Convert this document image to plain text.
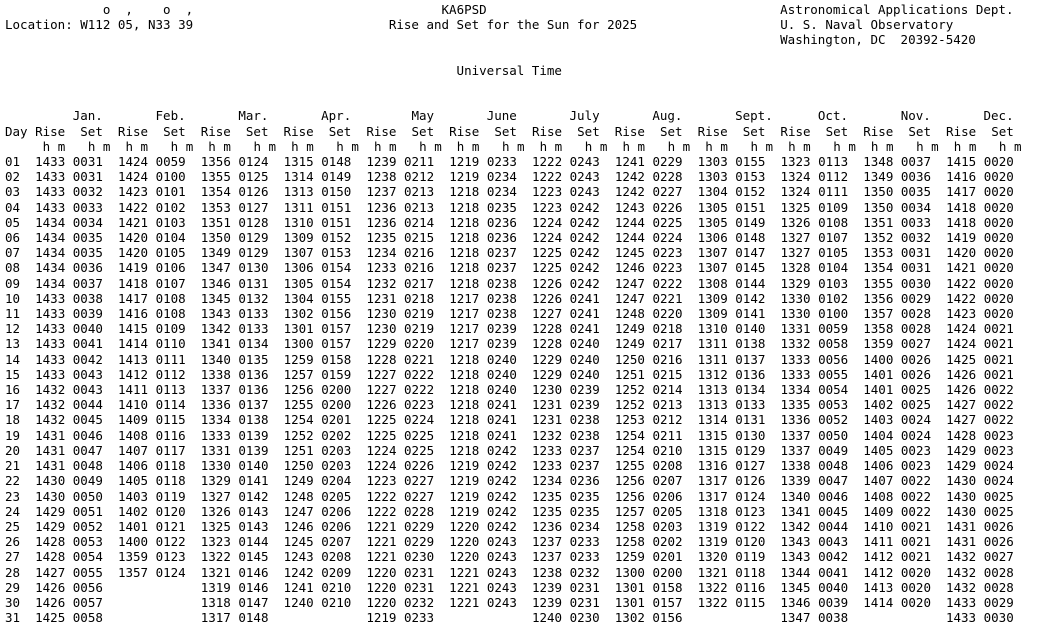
o  ,    o  ,	KA6PSD	Astronomical Applications Dept.
Location: W112 05, N33 39	Rise and Set for the Sun for 2025	U. S. Naval Observatory
Washington, DC  20392-5420

Universal Time

Jan.	Feb.	Mar.	Apr.	May	June	July	Aug.	Sept.	Oct.	Nov.	Dec.
Day Rise Set Rise Set Rise Set Rise Set Rise Set Rise Set Rise Set Rise Set Rise Set Rise Set Rise Set Rise Set
h m h m h m h m h m h m h m h m h m h m h m h m h m h m h m h m h m h m h m h m h m h m h m h m
01 1433 0031 1424 0059 1356 0124 1315 0148 1239 0211 1219 0233 1222 0243 1241 0229 1303 0155 1323 0113 1348 0037 1415 0020
02 1433 0031 1424 0100 1355 0125 1314 0149 1238 0212 1219 0234 1222 0243 1242 0228 1303 0153 1324 0112 1349 0036 1416 0020
03 1433 0032 1423 0101 1354 0126 1313 0150 1237 0213 1218 0234 1223 0243 1242 0227 1304 0152 1324 0111 1350 0035 1417 0020
04 1433 0033 1422 0102 1353 0127 1311 0151 1236 0213 1218 0235 1223 0242 1243 0226 1305 0151 1325 0109 1350 0034 1418 0020
05 1434 0034 1421 0103 1351 0128 1310 0151 1236 0214 1218 0236 1224 0242 1244 0225 1305 0149 1326 0108 1351 0033 1418 0020
06 1434 0035 1420 0104 1350 0129 1309 0152 1235 0215 1218 0236 1224 0242 1244 0224 1306 0148 1327 0107 1352 0032 1419 0020
07 1434 0035 1420 0105 1349 0129 1307 0153 1234 0216 1218 0237 1225 0242 1245 0223 1307 0147 1327 0105 1353 0031 1420 0020
08 1434 0036 1419 0106 1347 0130 1306 0154 1233 0216 1218 0237 1225 0242 1246 0223 1307 0145 1328 0104 1354 0031 1421 0020
09 1434 0037 1418 0107 1346 0131 1305 0154 1232 0217 1218 0238 1226 0242 1247 0222 1308 0144 1329 0103 1355 0030 1422 0020
10 1433 0038 1417 0108 1345 0132 1304 0155 1231 0218 1217 0238 1226 0241 1247 0221 1309 0142 1330 0102 1356 0029 1422 0020
11 1433 0039 1416 0108 1343 0133 1302 0156 1230 0219 1217 0238 1227 0241 1248 0220 1309 0141 1330 0100 1357 0028 1423 0020
12 1433 0040 1415 0109 1342 0133 1301 0157 1230 0219 1217 0239 1228 0241 1249 0218 1310 0140 1331 0059 1358 0028 1424 0021
13 1433 0041 1414 0110 1341 0134 1300 0157 1229 0220 1217 0239 1228 0240 1249 0217 1311 0138 1332 0058 1359 0027 1424 0021
14 1433 0042 1413 0111 1340 0135 1259 0158 1228 0221 1218 0240 1229 0240 1250 0216 1311 0137 1333 0056 1400 0026 1425 0021
15 1433 0043 1412 0112 1338 0136 1257 0159 1227 0222 1218 0240 1229 0240 1251 0215 1312 0136 1333 0055 1401 0026 1426 0021
16 1432 0043 1411 0113 1337 0136 1256 0200 1227 0222 1218 0240 1230 0239 1252 0214 1313 0134 1334 0054 1401 0025 1426 0022
17 1432 0044 1410 0114 1336 0137 1255 0200 1226 0223 1218 0241 1231 0239 1252 0213 1313 0133 1335 0053 1402 0025 1427 0022
18 1432 0045 1409 0115 1334 0138 1254 0201 1225 0224 1218 0241 1231 0238 1253 0212 1314 0131 1336 0052 1403 0024 1427 0022
19 1431 0046 1408 0116 1333 0139 1252 0202 1225 0225 1218 0241 1232 0238 1254 0211 1315 0130 1337 0050 1404 0024 1428 0023
20 1431 0047 1407 0117 1331 0139 1251 0203 1224 0225 1218 0242 1233 0237 1254 0210 1315 0129 1337 0049 1405 0023 1429 0023
21 1431 0048 1406 0118 1330 0140 1250 0203 1224 0226 1219 0242 1233 0237 1255 0208 1316 0127 1338 0048 1406 0023 1429 0024
22 1430 0049 1405 0118 1329 0141 1249 0204 1223 0227 1219 0242 1234 0236 1256 0207 1317 0126 1339 0047 1407 0022 1430 0024
23 1430 0050 1403 0119 1327 0142 1248 0205 1222 0227 1219 0242 1235 0235 1256 0206 1317 0124 1340 0046 1408 0022 1430 0025
24 1429 0051 1402 0120 1326 0143 1247 0206 1222 0228 1219 0242 1235 0235 1257 0205 1318 0123 1341 0045 1409 0022 1430 0025
25 1429 0052 1401 0121 1325 0143 1246 0206 1221 0229 1220 0242 1236 0234 1258 0203 1319 0122 1342 0044 1410 0021 1431 0026
26 1428 0053 1400 0122 1323 0144 1245 0207 1221 0229 1220 0243 1237 0233 1258 0202 1319 0120 1343 0043 1411 0021 1431 0026
27 1428 0054 1359 0123 1322 0145 1243 0208 1221 0230 1220 0243 1237 0233 1259 0201 1320 0119 1343 0042 1412 0021 1432 0027
28 1427 0055 1357 0124 1321 0146 1242 0209 1220 0231 1221 0243 1238 0232 1300 0200 1321 0118 1344 0041 1412 0020 1432 0028
29 1426 0056	1319 0146 1241 0210 1220 0231 1221 0243 1239 0231 1301 0158 1322 0116 1345 0040 1413 0020 1432 0028
30 1426 0057	1318 0147 1240 0210 1220 0232 1221 0243 1239 0231 1301 0157 1322 0115 1346 0039 1414 0020 1433 0029
31 1425 0058	1317 0148	1219 0233	1240 0230 1302 0156	1347 0038	1433 0030
